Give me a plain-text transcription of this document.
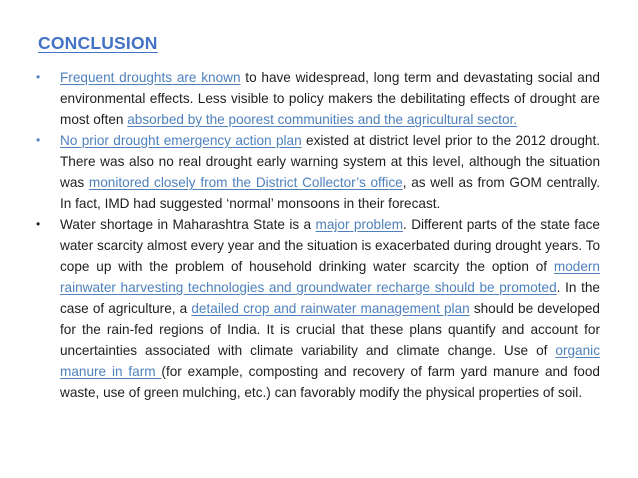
CONCLUSION
• Frequent droughts are known to have widespread, long term and devastating social and environmental effects. Less visible to policy makers the debilitating effects of drought are most often absorbed by the poorest communities and the agricultural sector.
• No prior drought emergency action plan existed at district level prior to the 2012 drought. There was also no real drought early warning system at this level, although the situation was monitored closely from the District Collector’s office, as well as from GOM centrally. In fact, IMD had suggested ‘normal’ monsoons in their forecast.
• Water shortage in Maharashtra State is a major problem. Different parts of the state face water scarcity almost every year and the situation is exacerbated during drought years. To cope up with the problem of household drinking water scarcity the option of modern rainwater harvesting technologies and groundwater recharge should be promoted. In the case of agriculture, a detailed crop and rainwater management plan should be developed for the rain-fed regions of India. It is crucial that these plans quantify and account for uncertainties associated with climate variability and climate change. Use of organic manure in farm (for example, composting and recovery of farm yard manure and food waste, use of green mulching, etc.) can favorably modify the physical properties of soil.
